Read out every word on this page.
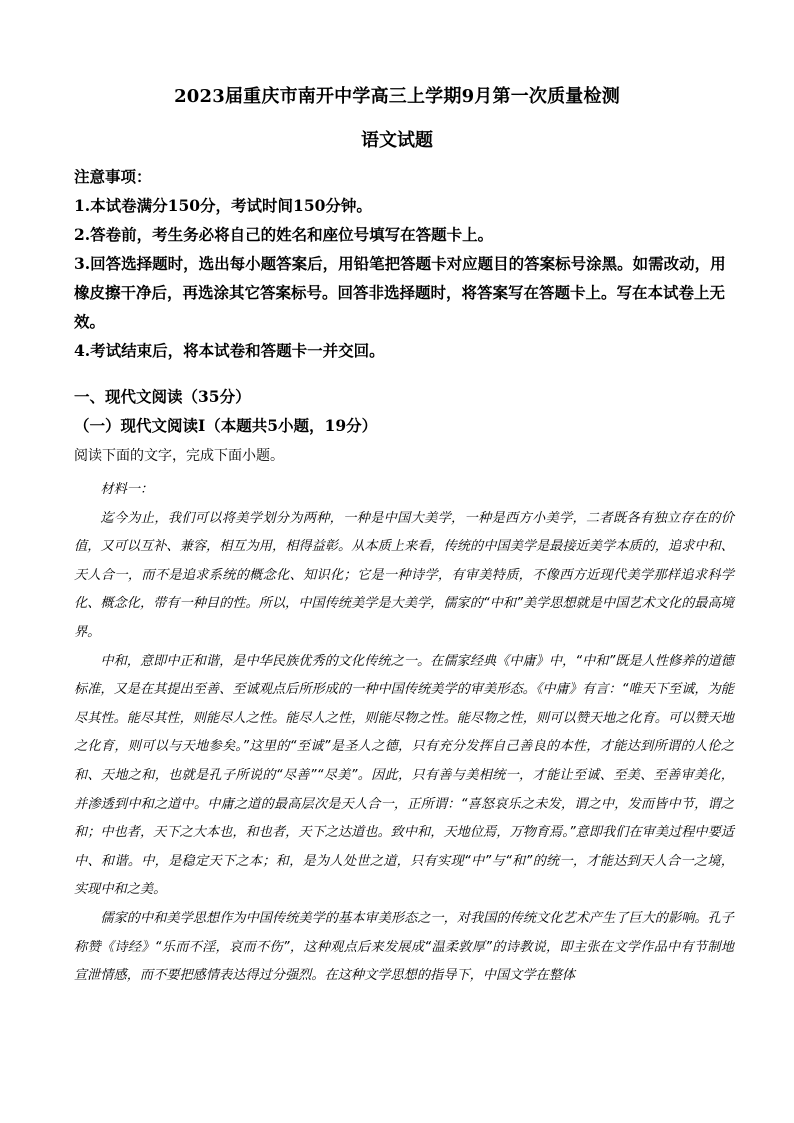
2023届重庆市南开中学高三上学期9月第一次质量检测
语文试题

注意事项：

1.本试卷满分150分，考试时间150分钟。

2.答卷前，考生务必将自己的姓名和座位号填写在答题卡上。

3.回答选择题时，选出每小题答案后，用铅笔把答题卡对应题目的答案标号涂黑。如需改动，用橡皮擦干净后，再选涂其它答案标号。回答非选择题时，将答案写在答题卡上。写在本试卷上无效。

4.考试结束后，将本试卷和答题卡一并交回。

一、现代文阅读（35分）

（一）现代文阅读Ⅰ（本题共5小题，19分）

阅读下面的文字，完成下面小题。

材料一：

迄今为止，我们可以将美学划分为两种，一种是中国大美学，一种是西方小美学，二者既各有独立存在的价值，又可以互补、兼容，相互为用，相得益彰。从本质上来看，传统的中国美学是最接近美学本质的，追求中和、天人合一，而不是追求系统的概念化、知识化；它是一种诗学，有审美特质，不像西方近现代美学那样追求科学化、概念化，带有一种目的性。所以，中国传统美学是大美学，儒家的“中和”美学思想就是中国艺术文化的最高境界。

中和，意即中正和谐，是中华民族优秀的文化传统之一。在儒家经典《中庸》中，“中和”既是人性修养的道德标准，又是在其提出至善、至诚观点后所形成的一种中国传统美学的审美形态。《中庸》有言：“唯天下至诚，为能尽其性。能尽其性，则能尽人之性。能尽人之性，则能尽物之性。能尽物之性，则可以赞天地之化育。可以赞天地之化育，则可以与天地参矣。”这里的“至诚”是圣人之德，只有充分发挥自己善良的本性，才能达到所谓的人伦之和、天地之和，也就是孔子所说的“尽善”“尽美”。因此，只有善与美相统一，才能让至诚、至美、至善审美化，并渗透到中和之道中。中庸之道的最高层次是天人合一，正所谓：“喜怒哀乐之未发，谓之中，发而皆中节，谓之和；中也者，天下之大本也，和也者，天下之达道也。致中和，天地位焉，万物育焉。”意即我们在审美过程中要适中、和谐。中，是稳定天下之本；和，是为人处世之道，只有实现“中”与“和”的统一，才能达到天人合一之境，实现中和之美。

儒家的中和美学思想作为中国传统美学的基本审美形态之一，对我国的传统文化艺术产生了巨大的影响。孔子称赞《诗经》“乐而不淫，哀而不伤”，这种观点后来发展成“温柔敦厚”的诗教说，即主张在文学作品中有节制地宣泄情感，而不要把感情表达得过分强烈。在这种文学思想的指导下，中国文学在整体
